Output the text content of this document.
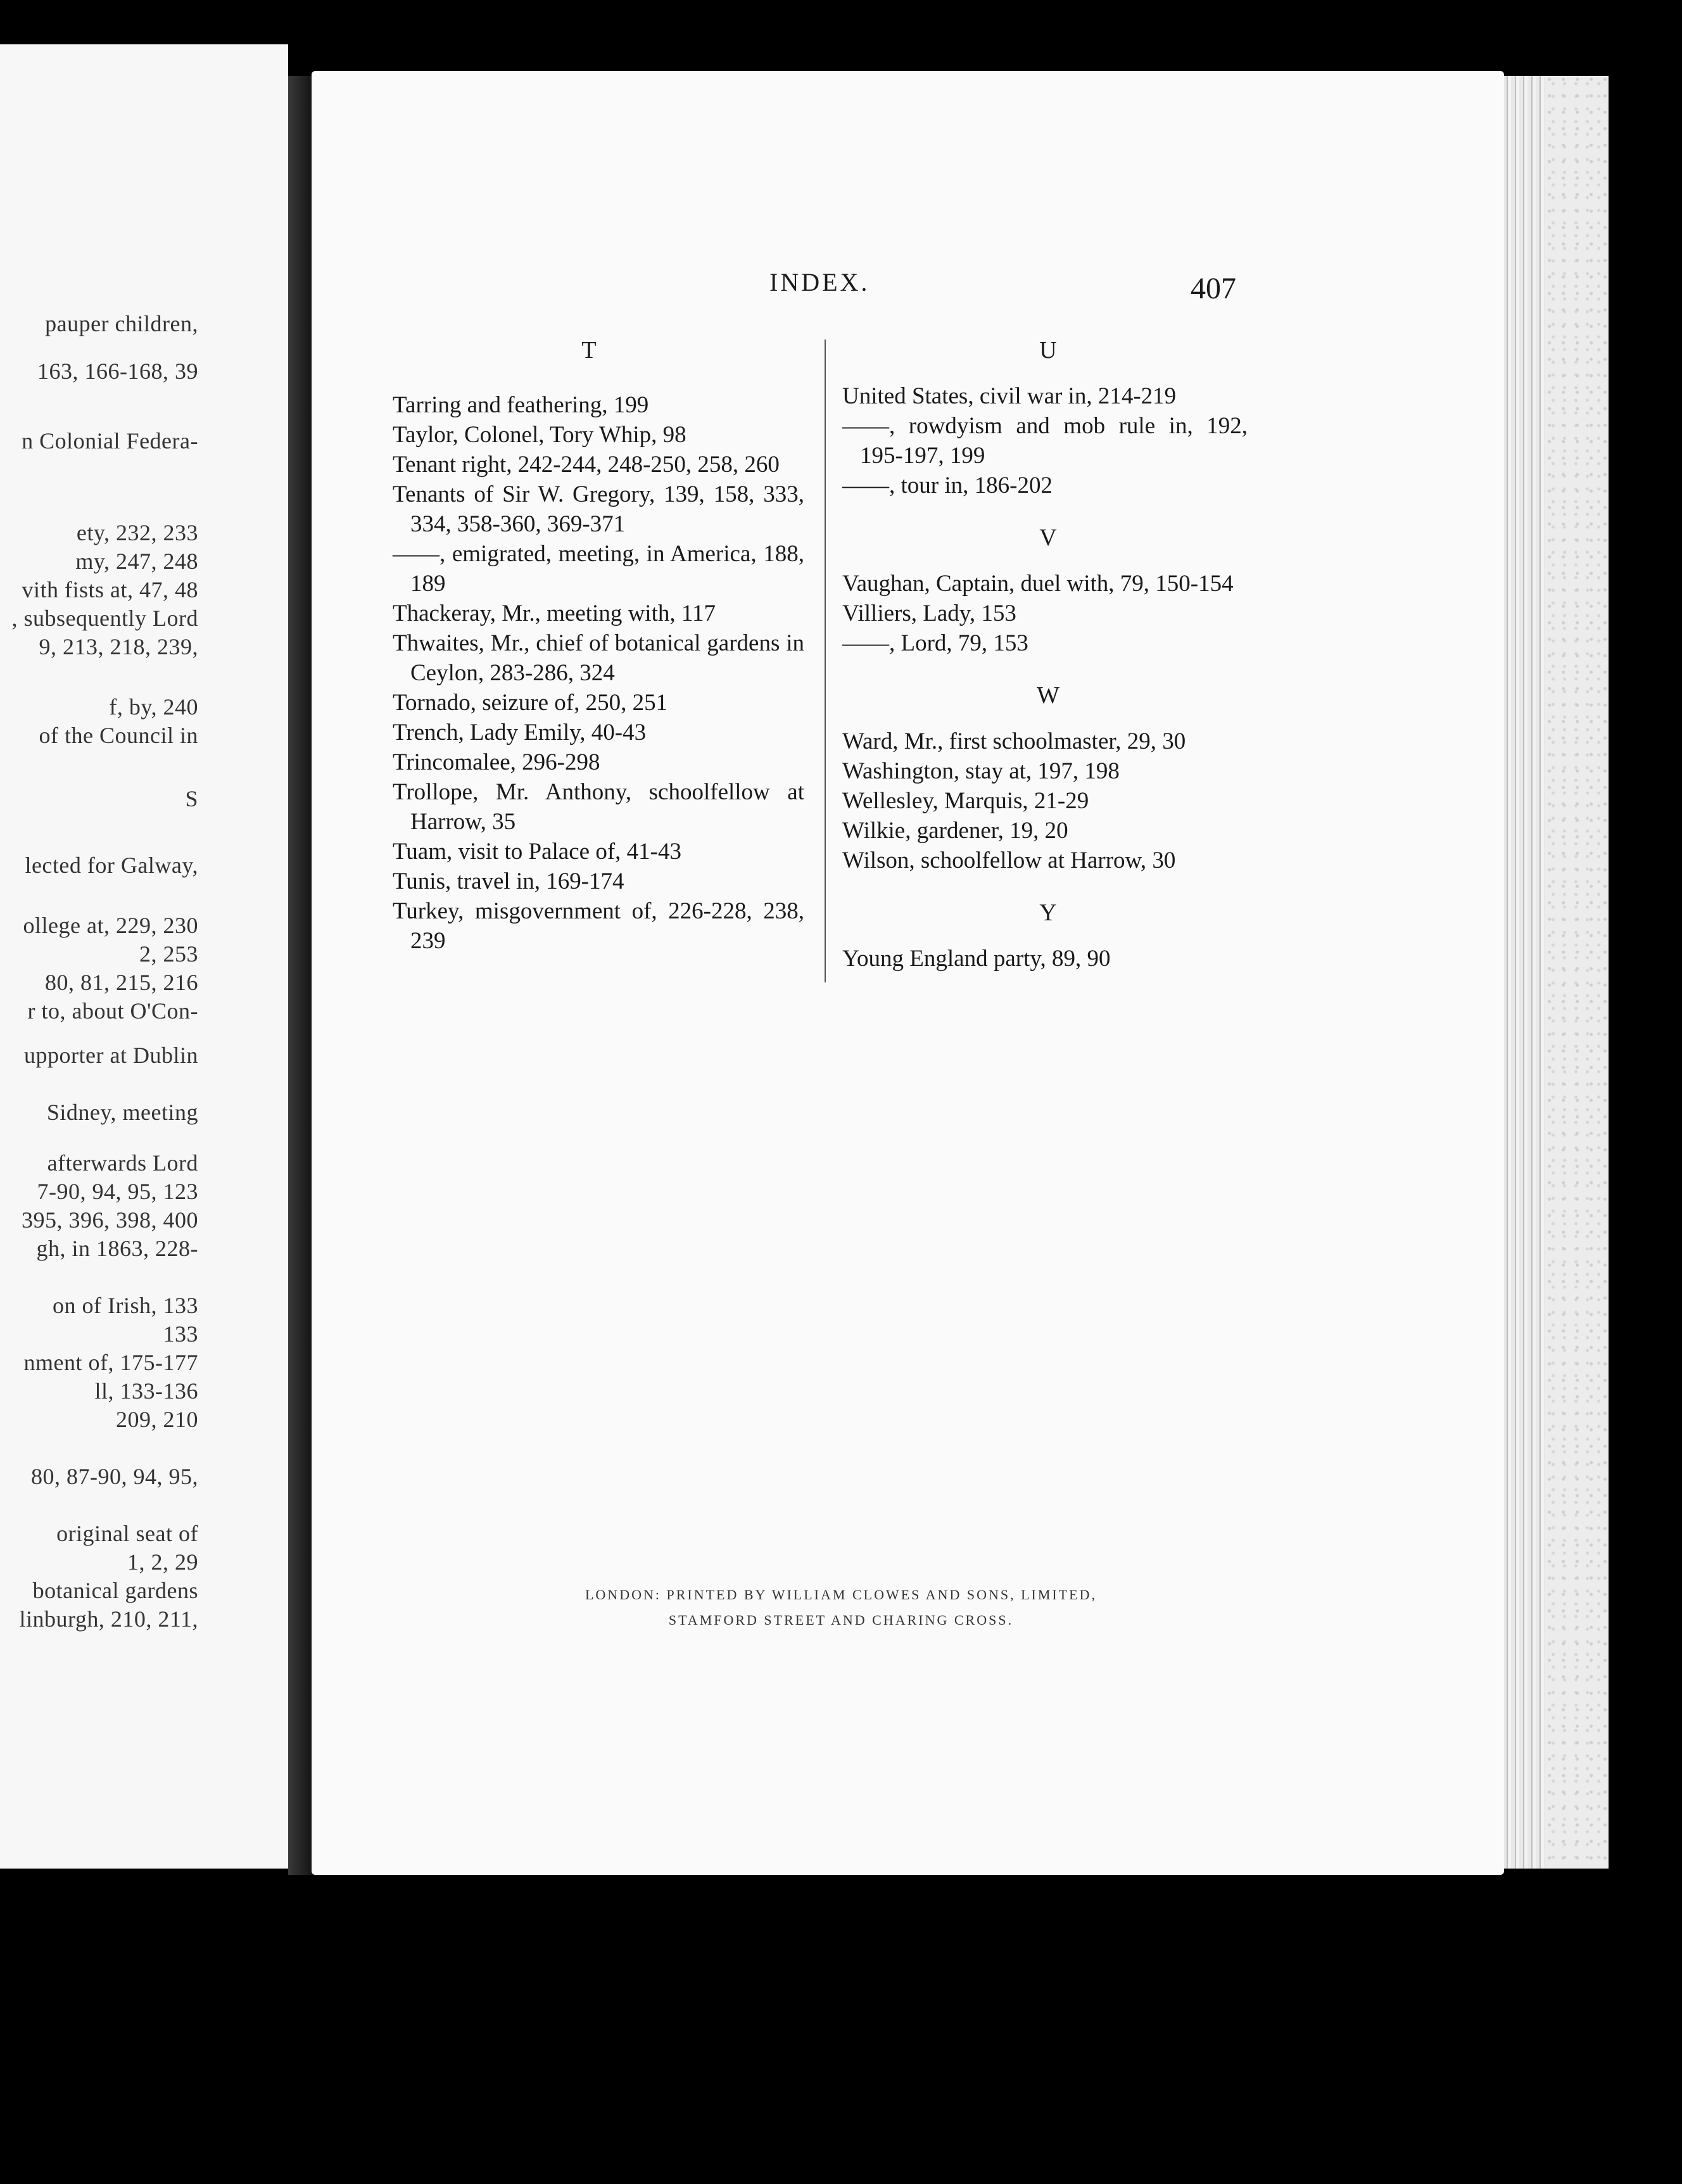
pauper children,
163, 166-168, 39
n Colonial Federa-
ety, 232, 233
my, 247, 248
vith fists at, 47, 48
, subsequently Lord
9, 213, 218, 239,
f, by, 240
of the Council in
S
lected for Galway,
ollege at, 229, 230
2, 253
80, 81, 215, 216
r to, about O'Con-
upporter at Dublin
Sidney, meeting
afterwards Lord
7-90, 94, 95, 123
395, 396, 398, 400
gh, in 1863, 228-
on of Irish, 133
133
nment of, 175-177
ll, 133-136
209, 210
80, 87-90, 94, 95,
original seat of
1, 2, 29
botanical gardens
linburgh, 210, 211,
INDEX.	407
T
Tarring and feathering, 199
Taylor, Colonel, Tory Whip, 98
Tenant right, 242-244, 248-250, 258, 260
Tenants of Sir W. Gregory, 139, 158, 333, 334, 358-360, 369-371
——, emigrated, meeting, in America, 188, 189
Thackeray, Mr., meeting with, 117
Thwaites, Mr., chief of botanical gardens in Ceylon, 283-286, 324
Tornado, seizure of, 250, 251
Trench, Lady Emily, 40-43
Trincomalee, 296-298
Trollope, Mr. Anthony, schoolfellow at Harrow, 35
Tuam, visit to Palace of, 41-43
Tunis, travel in, 169-174
Turkey, misgovernment of, 226-228, 238, 239
U
United States, civil war in, 214-219
——, rowdyism and mob rule in, 192, 195-197, 199
——, tour in, 186-202
V
Vaughan, Captain, duel with, 79, 150-154
Villiers, Lady, 153
——, Lord, 79, 153
W
Ward, Mr., first schoolmaster, 29, 30
Washington, stay at, 197, 198
Wellesley, Marquis, 21-29
Wilkie, gardener, 19, 20
Wilson, schoolfellow at Harrow, 30
Y
Young England party, 89, 90
LONDON: PRINTED BY WILLIAM CLOWES AND SONS, LIMITED,
STAMFORD STREET AND CHARING CROSS.
